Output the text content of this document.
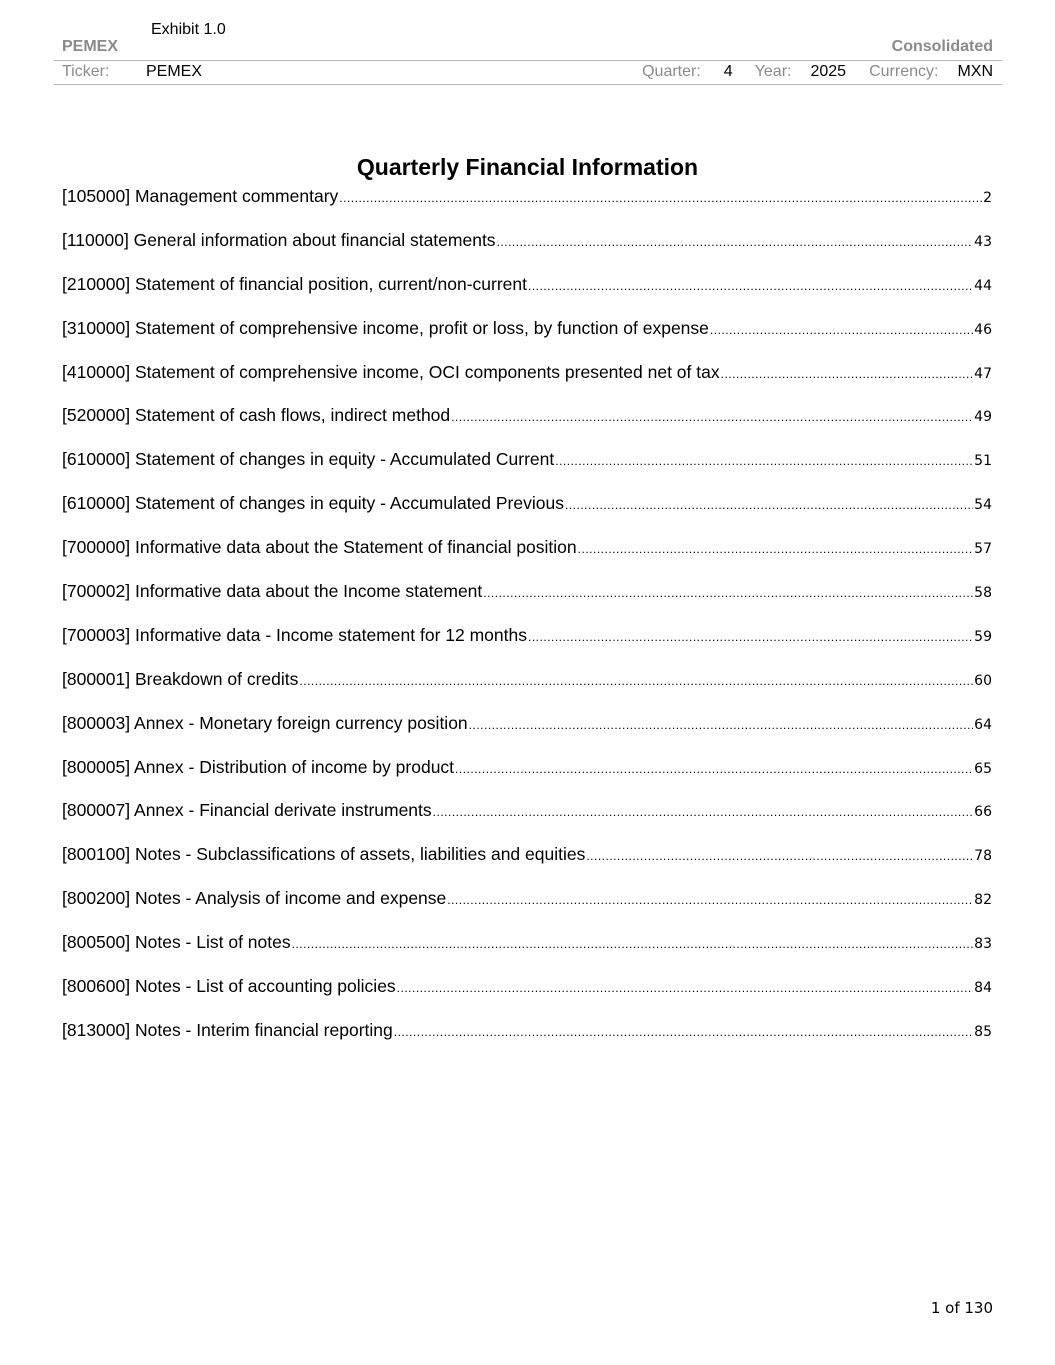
Exhibit 1.0
PEMEX	Consolidated
Ticker: PEMEX	Quarter: 4 Year: 2025 Currency: MXN
Quarterly Financial Information
[105000] Management commentary .....	2
[110000] General information about financial statements .....	43
[210000] Statement of financial position, current/non-current .....	44
[310000] Statement of comprehensive income, profit or loss, by function of expense .....	46
[410000] Statement of comprehensive income, OCI components presented net of tax .....	47
[520000] Statement of cash flows, indirect method .....	49
[610000] Statement of changes in equity - Accumulated Current .....	51
[610000] Statement of changes in equity - Accumulated Previous .....	54
[700000] Informative data about the Statement of financial position .....	57
[700002] Informative data about the Income statement .....	58
[700003] Informative data - Income statement for 12 months .....	59
[800001] Breakdown of credits .....	60
[800003] Annex - Monetary foreign currency position .....	64
[800005] Annex - Distribution of income by product .....	65
[800007] Annex - Financial derivate instruments .....	66
[800100] Notes - Subclassifications of assets, liabilities and equities .....	78
[800200] Notes - Analysis of income and expense .....	82
[800500] Notes - List of notes .....	83
[800600] Notes - List of accounting policies .....	84
[813000] Notes - Interim financial reporting .....	85
1 of 130
